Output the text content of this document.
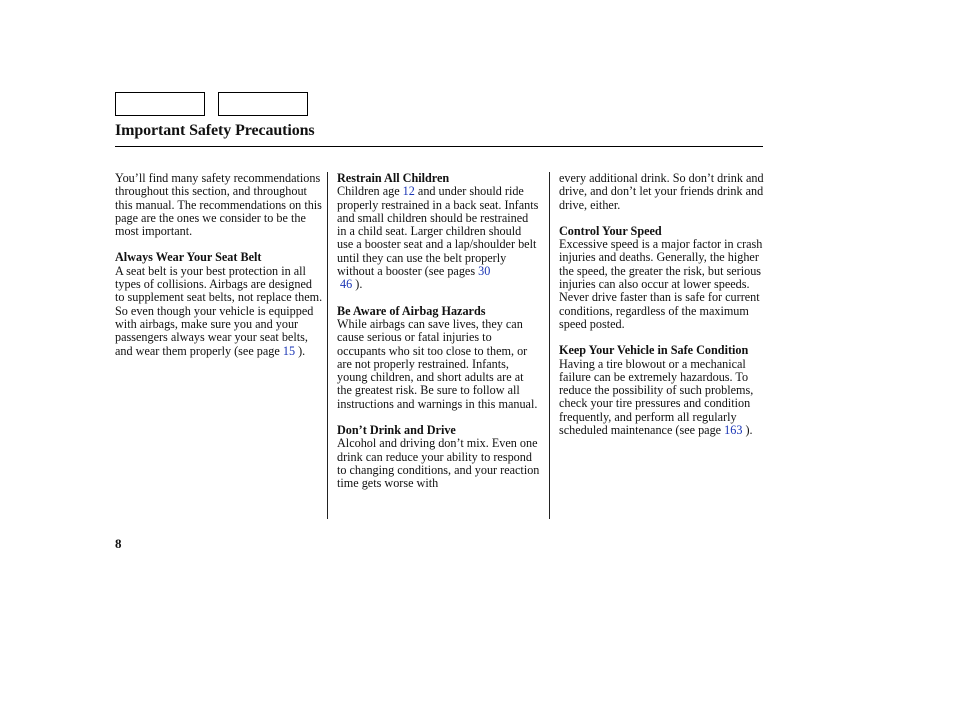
Important Safety Precautions

You’ll find many safety recommendations throughout this section, and throughout this manual. The recommendations on this page are the ones we consider to be the most important.

Always Wear Your Seat Belt

A seat belt is your best protection in all types of collisions. Airbags are designed to supplement seat belts, not replace them. So even though your vehicle is equipped with airbags, make sure you and your passengers always wear your seat belts, and wear them properly (see page 15 ).

Restrain All Children

Children age 12 and under should ride properly restrained in a back seat. Infants and small children should be restrained in a child seat. Larger children should use a booster seat and a lap/shoulder belt until they can use the belt properly without a booster (see pages 30
46 ).

Be Aware of Airbag Hazards

While airbags can save lives, they can cause serious or fatal injuries to occupants who sit too close to them, or are not properly restrained. Infants, young children, and short adults are at the greatest risk. Be sure to follow all instructions and warnings in this manual.

Don’t Drink and Drive

Alcohol and driving don’t mix. Even one drink can reduce your ability to respond to changing conditions, and your reaction time gets worse with

every additional drink. So don’t drink and drive, and don’t let your friends drink and drive, either.

Control Your Speed

Excessive speed is a major factor in crash injuries and deaths. Generally, the higher the speed, the greater the risk, but serious injuries can also occur at lower speeds. Never drive faster than is safe for current conditions, regardless of the maximum speed posted.

Keep Your Vehicle in Safe Condition

Having a tire blowout or a mechanical failure can be extremely hazardous. To reduce the possibility of such problems, check your tire pressures and condition frequently, and perform all regularly scheduled maintenance (see page 163 ).

8
